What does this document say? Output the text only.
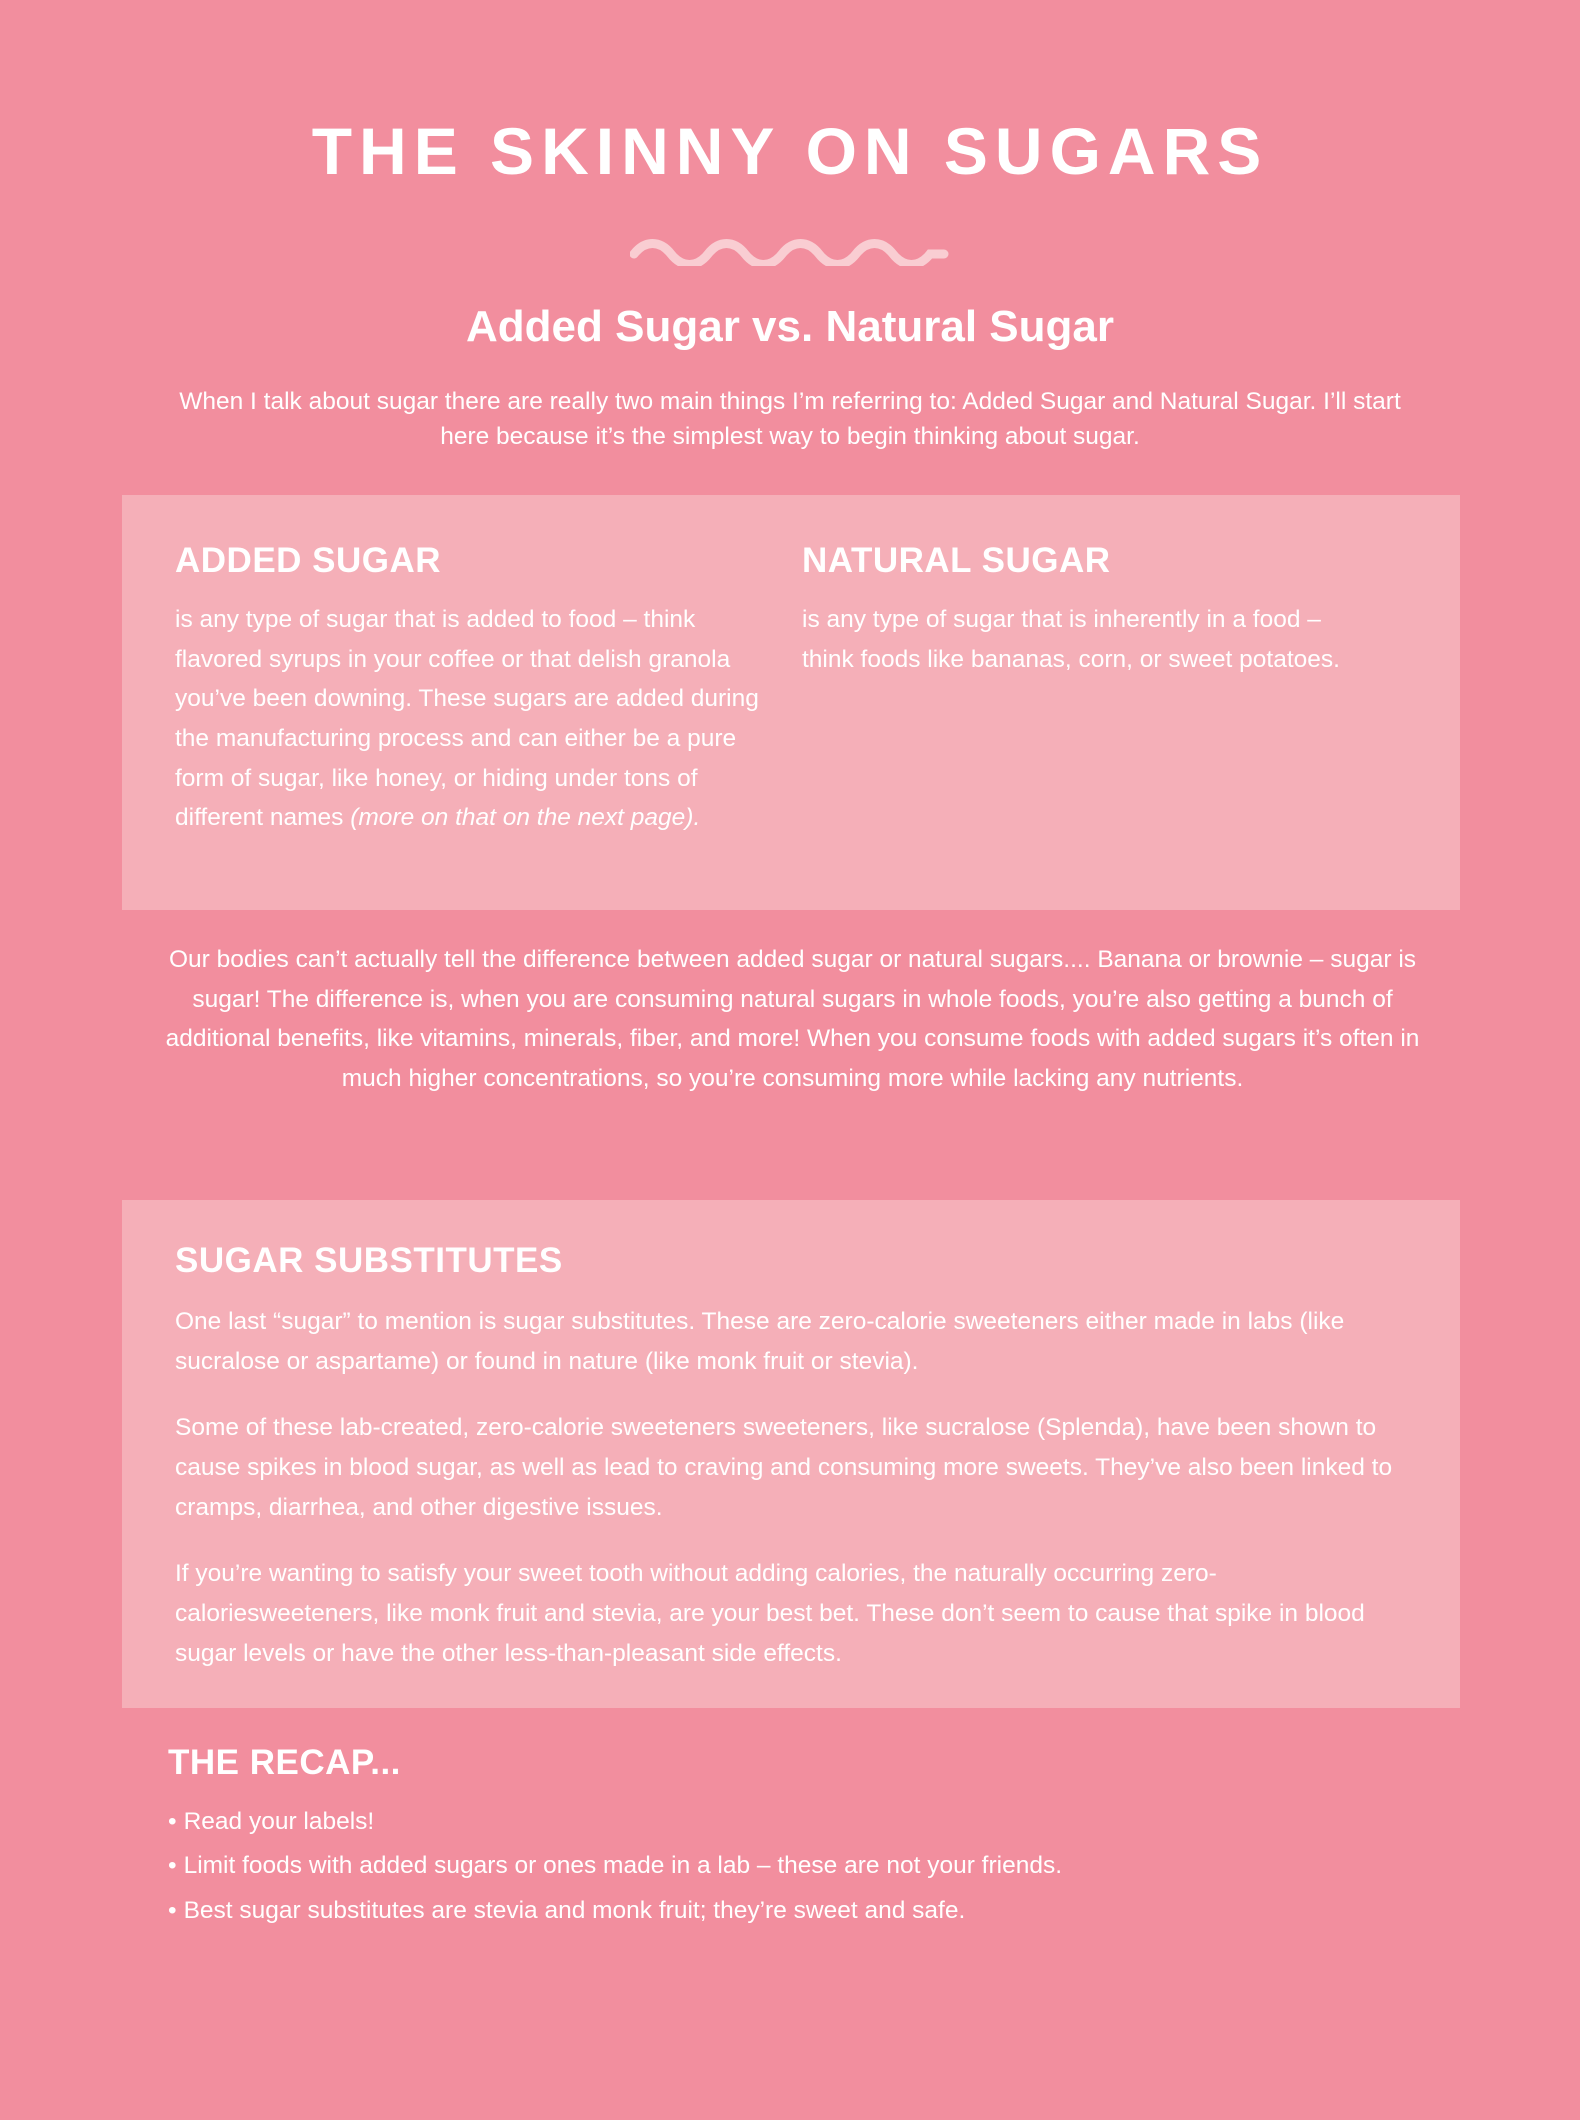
THE SKINNY ON SUGARS
Added Sugar vs. Natural Sugar
When I talk about sugar there are really two main things I’m referring to: Added Sugar and Natural Sugar. I’ll start here because it’s the simplest way to begin thinking about sugar.
ADDED SUGAR
is any type of sugar that is added to food – think flavored syrups in your coffee or that delish granola you’ve been downing. These sugars are added during the manufacturing process and can either be a pure form of sugar, like honey, or hiding under tons of different names (more on that on the next page).
NATURAL SUGAR
is any type of sugar that is inherently in a food – think foods like bananas, corn, or sweet potatoes.
Our bodies can’t actually tell the difference between added sugar or natural sugars.... Banana or brownie – sugar is sugar! The difference is, when you are consuming natural sugars in whole foods, you’re also getting a bunch of additional benefits, like vitamins, minerals, fiber, and more! When you consume foods with added sugars it’s often in much higher concentrations, so you’re consuming more while lacking any nutrients.
SUGAR SUBSTITUTES

One last “sugar” to mention is sugar substitutes. These are zero-calorie sweeteners either made in labs (like sucralose or aspartame) or found in nature (like monk fruit or stevia).

Some of these lab-created, zero-calorie sweeteners sweeteners, like sucralose (Splenda), have been shown to cause spikes in blood sugar, as well as lead to craving and consuming more sweets. They’ve also been linked to cramps, diarrhea, and other digestive issues.

If you’re wanting to satisfy your sweet tooth without adding calories, the naturally occurring zero-caloriesweeteners, like monk fruit and stevia, are your best bet. These don’t seem to cause that spike in blood sugar levels or have the other less-than-pleasant side effects.

THE RECAP...
• Read your labels!
• Limit foods with added sugars or ones made in a lab – these are not your friends.
• Best sugar substitutes are stevia and monk fruit; they’re sweet and safe.
